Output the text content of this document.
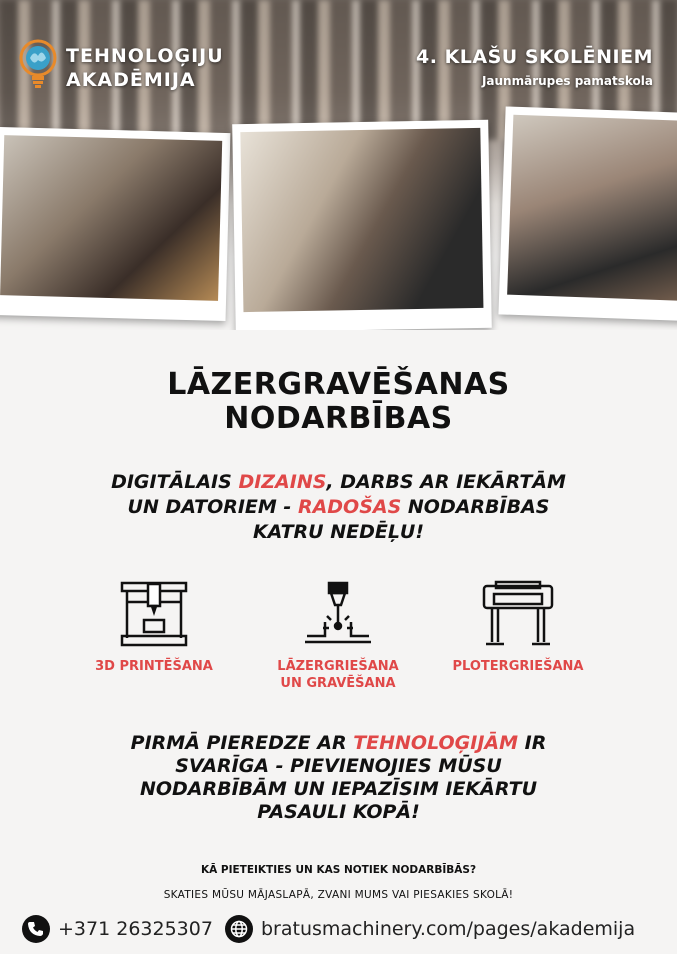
TEHNOLOĢIJU
AKADĒMIJA
4. KLAŠU SKOLĒNIEM
Jaunmārupes pamatskola
LĀZERGRAVĒŠANAS
NODARBĪBAS
DIGITĀLAIS DIZAINS, DARBS AR IEKĀRTĀM
UN DATORIEM - RADOŠAS NODARBĪBAS
KATRU NEDĒĻU!
3D PRINTĒŠANA	LĀZERGRIEŠANA
UN GRAVĒŠANA
PLOTERGRIEŠANA
PIRMĀ PIEREDZE AR TEHNOLOĢIJĀM IR
SVARĪGA - PIEVIENOJIES MŪSU
NODARBĪBĀM UN IEPAZĪSIM IEKĀRTU
PASAULI KOPĀ!
KĀ PIETEIKTIES UN KAS NOTIEK NODARBĪBĀS?
SKATIES MŪSU MĀJASLAPĀ, ZVANI MUMS VAI PIESAKIES SKOLĀ!
+371 26325307	bratusmachinery.com/pages/akademija
